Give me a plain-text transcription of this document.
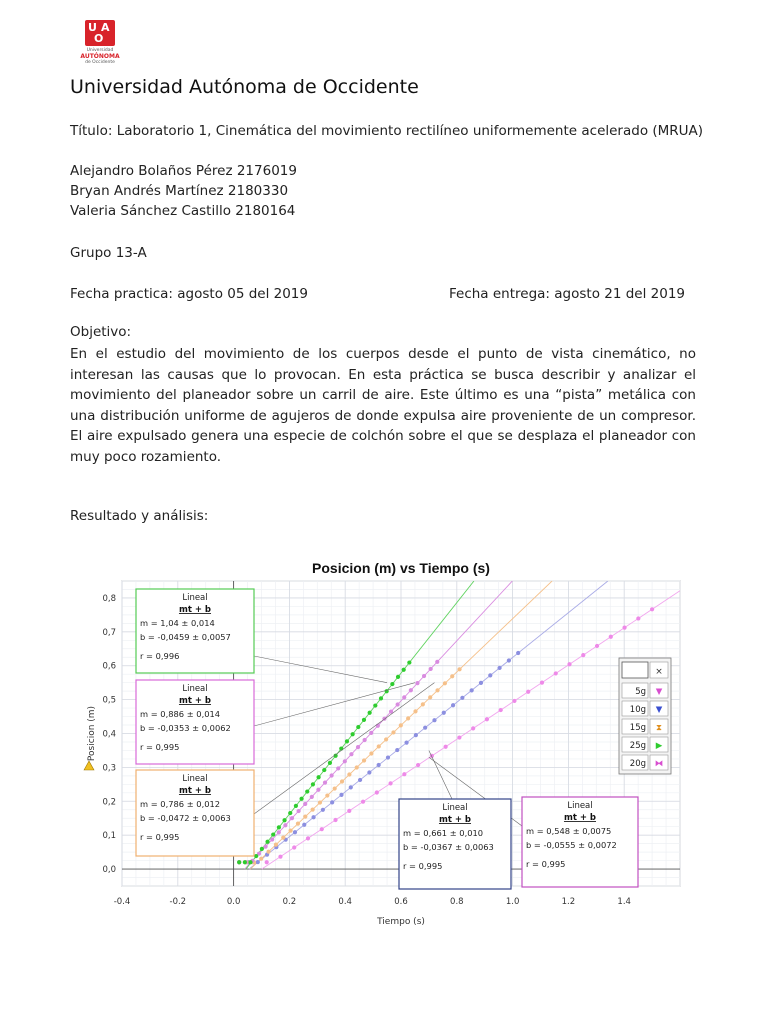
U A
O
Universidad
AUTÓNOMA
de Occidente
Universidad Autónoma de Occidente
Título: Laboratorio 1, Cinemática del movimiento rectilíneo uniformemente acelerado (MRUA)
Alejandro Bolaños Pérez 2176019
Bryan Andrés Martínez 2180330
Valeria Sánchez Castillo 2180164
Grupo 13-A
Fecha practica: agosto 05 del 2019	Fecha entrega: agosto 21 del 2019
Objetivo:
En el estudio del movimiento de los cuerpos desde el punto de vista cinemático, no interesan las causas que lo provocan. En esta práctica se busca describir y analizar el movimiento del planeador sobre un carril de aire. Este último es una “pista” metálica con una distribución uniforme de agujeros de donde expulsa aire proveniente de un compresor. El aire expulsado genera una especie de colchón sobre el que se desplaza el planeador con muy poco rozamiento.
Resultado y análisis:
Posicion (m) vs Tiempo (s)
-0.4	-0.2	0.0	0.2	0.4	0.6	0.8	1.0	1.2	1.4
0,0
0,1
0,2
0,3
0,4
0,5
0,6
0,7
0,8
Tiempo (s)
Posicion (m)
Lineal
mt + b
m = 1,04 ± 0,014
b = -0,0459 ± 0,0057
r = 0,996
Lineal
mt + b
m = 0,886 ± 0,014
b = -0,0353 ± 0,0062
r = 0,995
Lineal
mt + b
m = 0,786 ± 0,012
b = -0,0472 ± 0,0063
r = 0,995
Lineal
mt + b
m = 0,661 ± 0,010
b = -0,0367 ± 0,0063
r = 0,995
Lineal
mt + b
m = 0,548 ± 0,0075
b = -0,0555 ± 0,0072
r = 0,995
×
5g ▼
10g ▼
15g ⧗
25g ▶
20g ⧓
